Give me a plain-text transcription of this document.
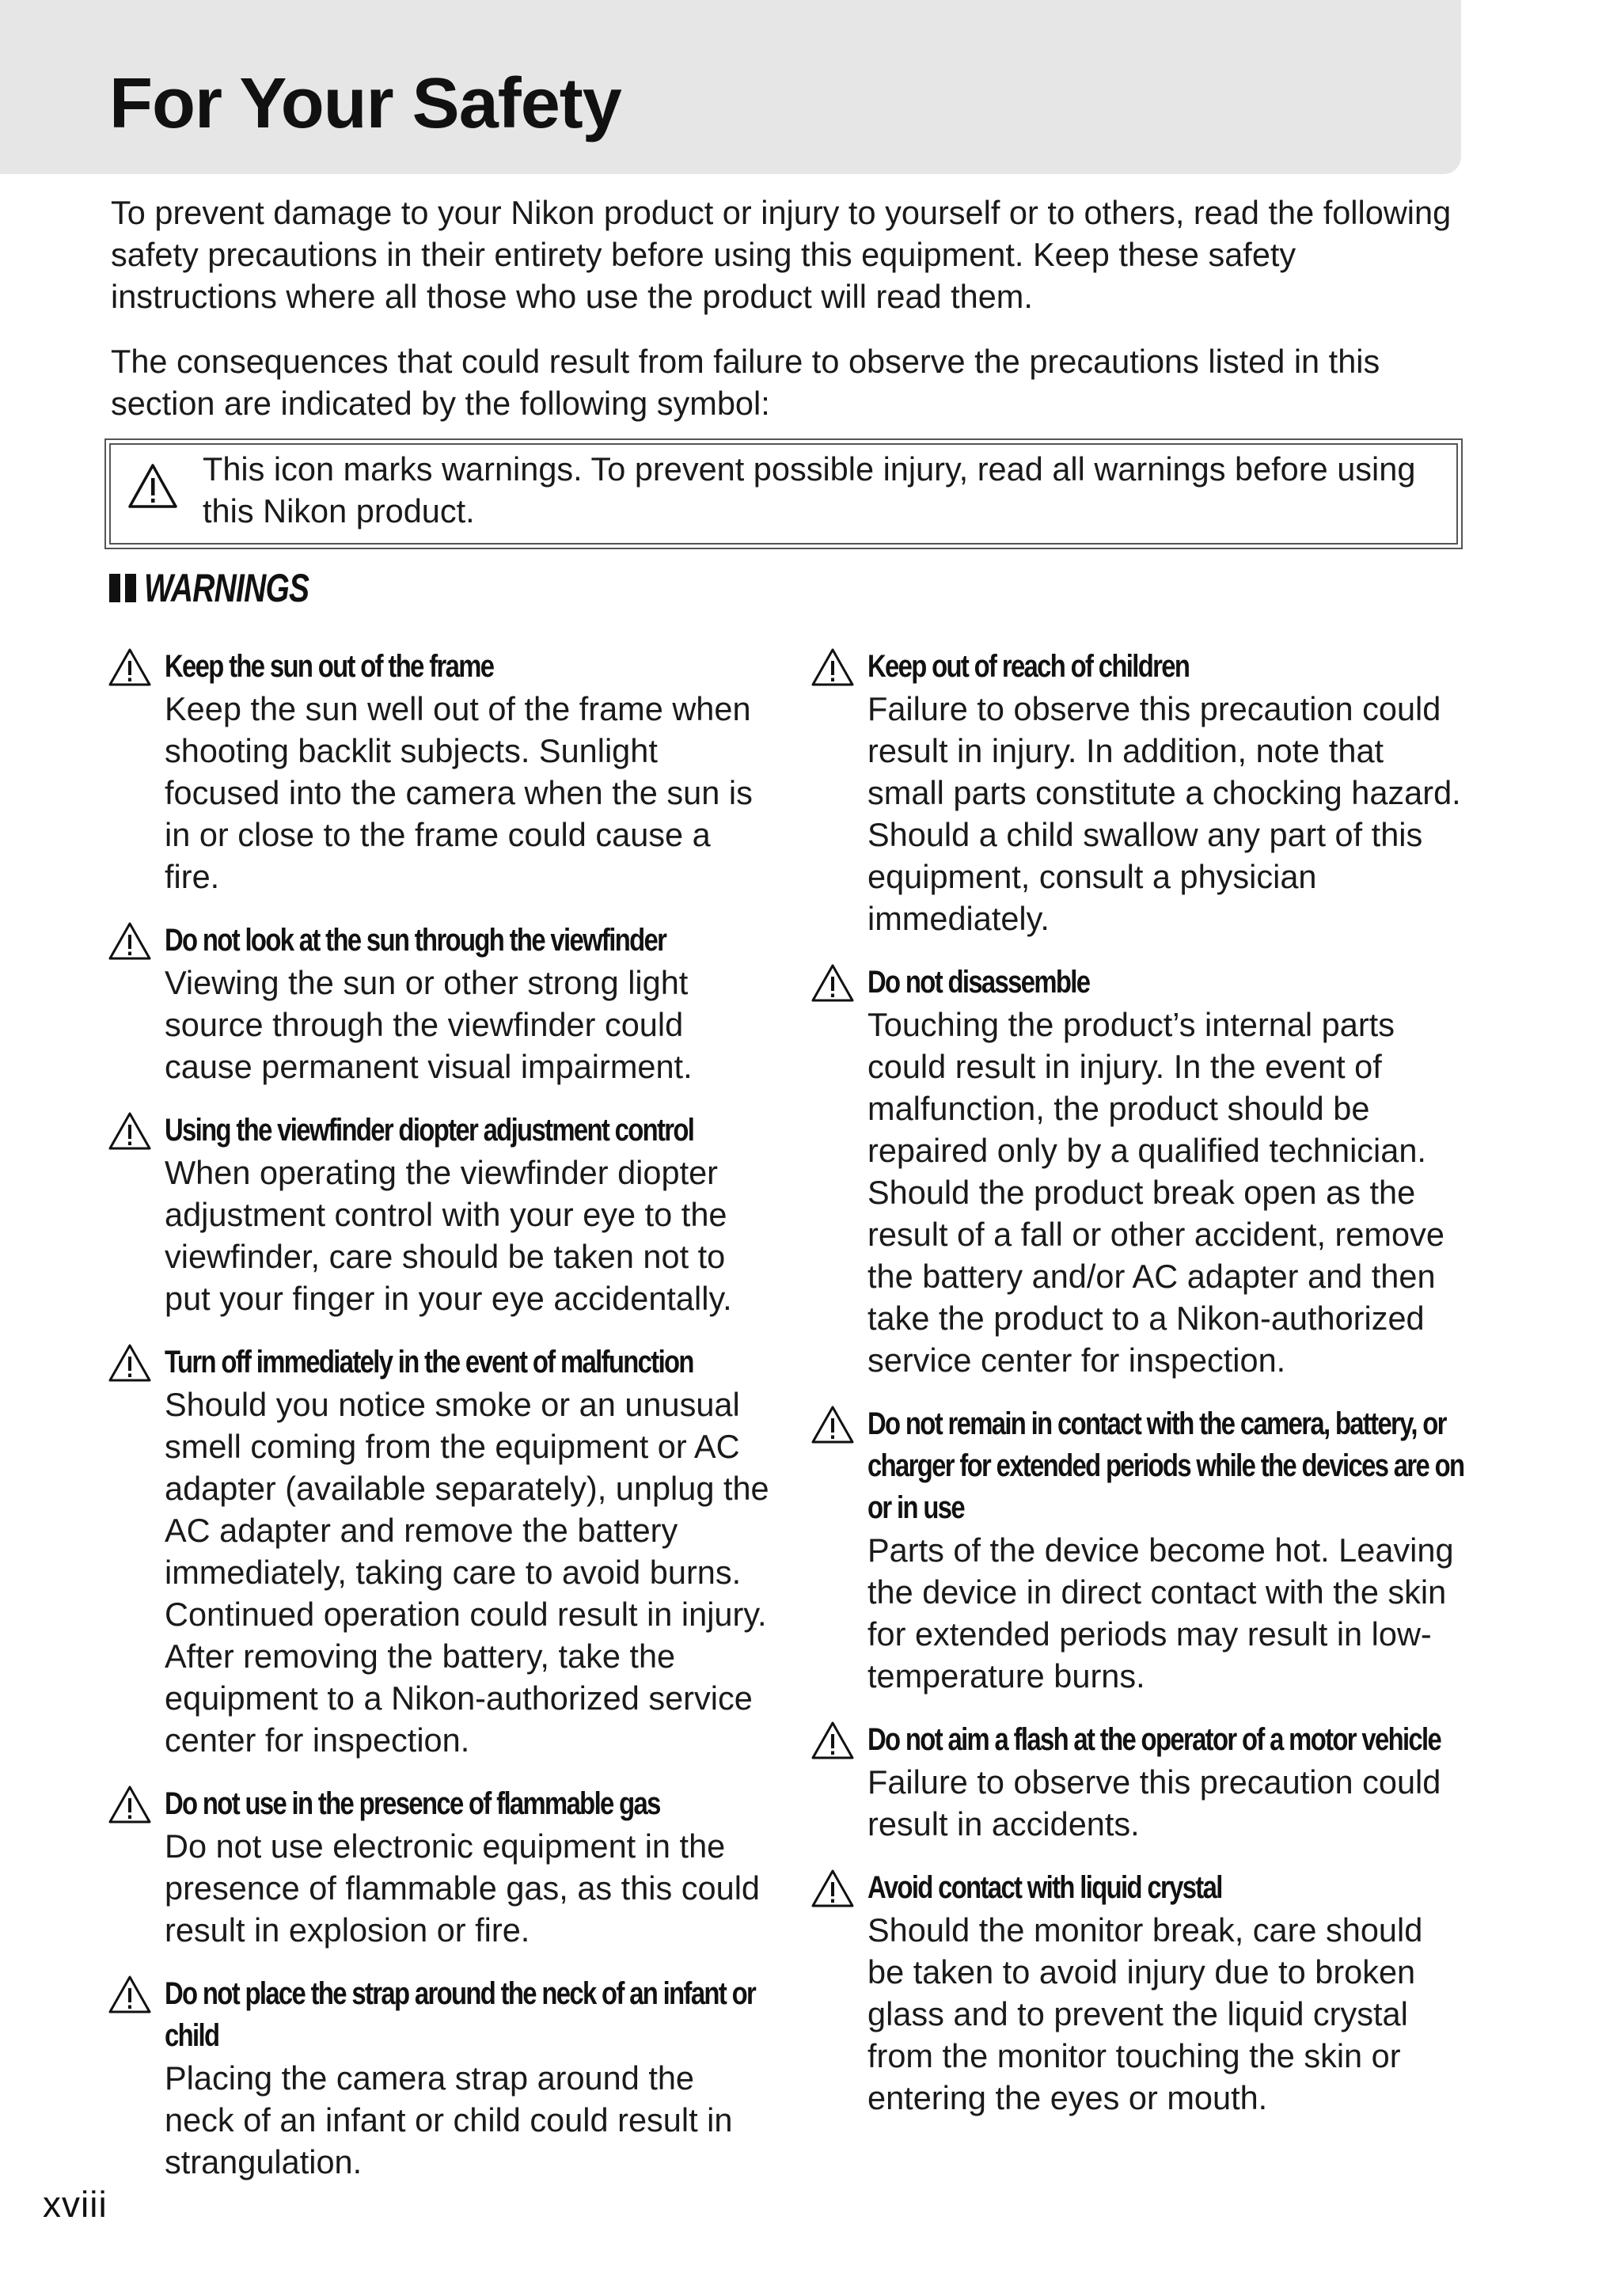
For Your Safety

To prevent damage to your Nikon product or injury to yourself or to others, read the following safety precautions in their entirety before using this equipment. Keep these safety instructions where all those who use the product will read them.

The consequences that could result from failure to observe the precautions listed in this section are indicated by the following symbol:

This icon marks warnings. To prevent possible injury, read all warnings before using this Nikon product.

WARNINGS

Keep the sun out of the frame

Keep the sun well out of the frame when shooting backlit subjects. Sunlight focused into the camera when the sun is in or close to the frame could cause a fire.

Do not look at the sun through the viewfinder

Viewing the sun or other strong light source through the viewfinder could cause permanent visual impairment.

Using the viewfinder diopter adjustment control

When operating the viewfinder diopter adjustment control with your eye to the viewfinder, care should be taken not to put your finger in your eye accidentally.

Turn off immediately in the event of malfunction

Should you notice smoke or an unusual smell coming from the equipment or AC adapter (available separately), unplug the AC adapter and remove the battery immediately, taking care to avoid burns. Continued operation could result in injury. After removing the battery, take the equipment to a Nikon-authorized service center for inspection.

Do not use in the presence of flammable gas

Do not use electronic equipment in the presence of flammable gas, as this could result in explosion or fire.

Do not place the strap around the neck of an infant or child

Placing the camera strap around the neck of an infant or child could result in strangulation.

Keep out of reach of children

Failure to observe this precaution could result in injury. In addition, note that small parts constitute a chocking hazard. Should a child swallow any part of this equipment, consult a physician immediately.

Do not disassemble

Touching the product’s internal parts could result in injury. In the event of malfunction, the product should be repaired only by a qualified technician. Should the product break open as the result of a fall or other accident, remove the battery and/or AC adapter and then take the product to a Nikon-authorized service center for inspection.

Do not remain in contact with the camera, battery, or charger for extended periods while the devices are on or in use

Parts of the device become hot. Leaving the device in direct contact with the skin for extended periods may result in low-temperature burns.

Do not aim a flash at the operator of a motor vehicle

Failure to observe this precaution could result in accidents.

Avoid contact with liquid crystal

Should the monitor break, care should be taken to avoid injury due to broken glass and to prevent the liquid crystal from the monitor touching the skin or entering the eyes or mouth.

xviii
